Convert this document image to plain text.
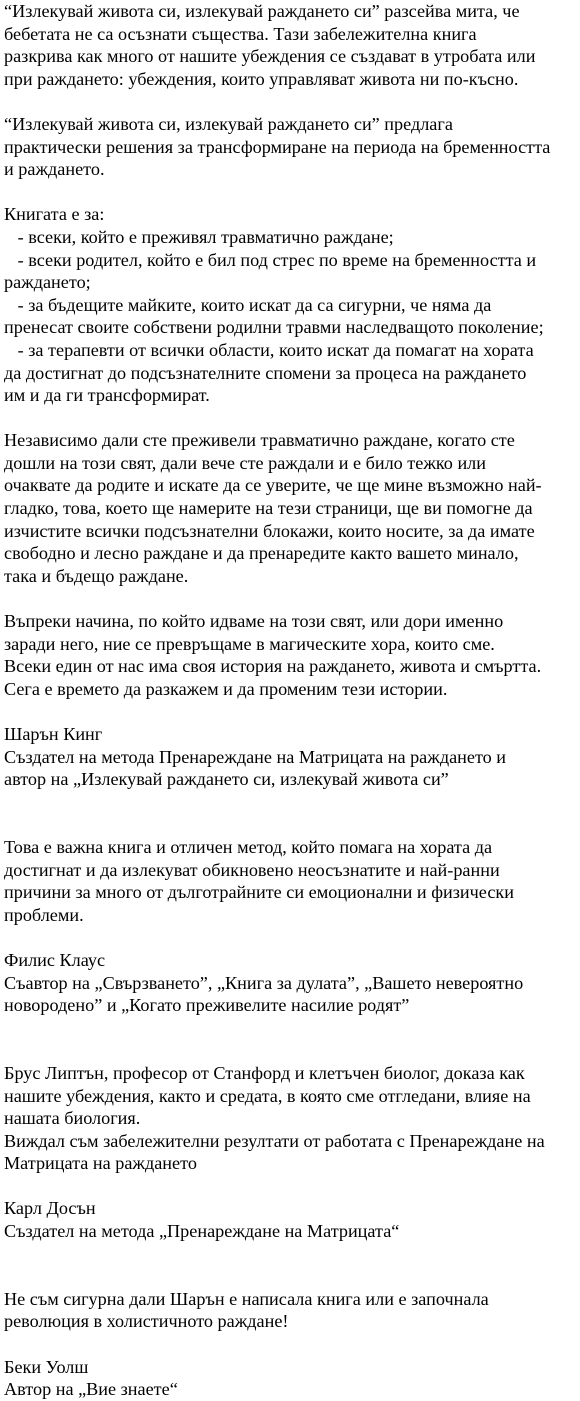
“Излекувай живота си, излекувай раждането си” разсейва мита, че
бебетата не са осъзнати същества. Тази забележителна книга
разкрива как много от нашите убеждения се създават в утробата или
при раждането: убеждения, които управляват живота ни по-късно.
“Излекувай живота си, излекувай раждането си” предлага
практически решения за трансформиране на периода на бременността
и раждането.
Книгата е за:
- всеки, който е преживял травматично раждане;
- всеки родител, който е бил под стрес по време на бременността и
раждането;
- за бъдещите майките, които искат да са сигурни, че няма да
пренесат своите собствени родилни травми наследващото поколение;
- за терапевти от всички области, които искат да помагат на хората
да достигнат до подсъзнателните спомени за процеса на раждането
им и да ги трансформират.
Независимо дали сте преживели травматично раждане, когато сте
дошли на този свят, дали вече сте раждали и е било тежко или
очаквате да родите и искате да се уверите, че ще мине възможно най-
гладко, това, което ще намерите на тези страници, ще ви помогне да
изчистите всички подсъзнателни блокажи, които носите, за да имате
свободно и лесно раждане и да пренаредите както вашето минало,
така и бъдещо раждане.
Въпреки начина, по който идваме на този свят, или дори именно
заради него, ние се превръщаме в магическите хора, които сме.
Всеки един от нас има своя история на раждането, живота и смъртта.
Сега е времето да разкажем и да променим тези истории.
Шарън Кинг
Създател на метода Пренареждане на Матрицата на раждането и
автор на „Излекувай раждането си, излекувай живота си”
Това е важна книга и отличен метод, който помага на хората да
достигнат и да излекуват обикновено неосъзнатите и най-ранни
причини за много от дълготрайните си емоционални и физически
проблеми.
Филис Клаус
Съавтор на „Свързването”, „Книга за дулата”, „Вашето невероятно
новородено” и „Когато преживелите насилие родят”
Брус Липтън, професор от Станфорд и клетъчен биолог, доказа как
нашите убеждения, както и средата, в която сме отгледани, влияе на
нашата биология.
Виждал съм забележителни резултати от работата с Пренареждане на
Матрицата на раждането
Карл Досън
Създател на метода „Пренареждане на Матрицата“
Не съм сигурна дали Шарън е написала книга или е започнала
революция в холистичното раждане!
Беки Уолш
Автор на „Вие знаете“
